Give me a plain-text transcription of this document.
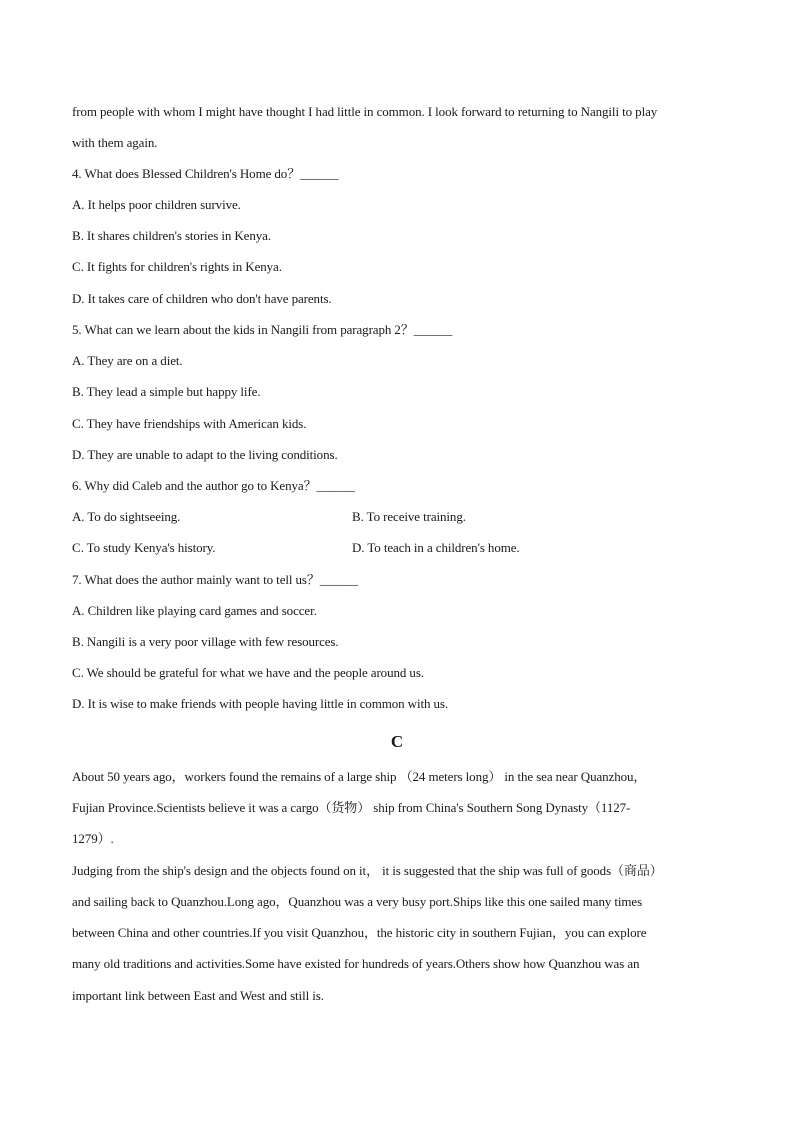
from people with whom I might have thought I had little in common. I look forward to returning to Nangili to play
with them again.
4. What does Blessed Children's Home do？______
A. It helps poor children survive.
B. It shares children's stories in Kenya.
C. It fights for children's rights in Kenya.
D. It takes care of children who don't have parents.
5. What can we learn about the kids in Nangili from paragraph 2？______
A. They are on a diet.
B. They lead a simple but happy life.
C. They have friendships with American kids.
D. They are unable to adapt to the living conditions.
6. Why did Caleb and the author go to Kenya？______
A. To do sightseeing.	B. To receive training.
C. To study Kenya's history.	D. To teach in a children's home.
7. What does the author mainly want to tell us？______
A. Children like playing card games and soccer.
B. Nangili is a very poor village with few resources.
C. We should be grateful for what we have and the people around us.
D. It is wise to make friends with people having little in common with us.
C
About 50 years ago，workers found the remains of a large ship （24 meters long） in the sea near Quanzhou，
Fujian Province.Scientists believe it was a cargo（货物） ship from China's Southern Song Dynasty（1127-
1279）.
Judging from the ship's design and the objects found on it， it is suggested that the ship was full of goods（商品）
and sailing back to Quanzhou.Long ago，Quanzhou was a very busy port.Ships like this one sailed many times
between China and other countries.If you visit Quanzhou，the historic city in southern Fujian，you can explore
many old traditions and activities.Some have existed for hundreds of years.Others show how Quanzhou was an
important link between East and West and still is.
